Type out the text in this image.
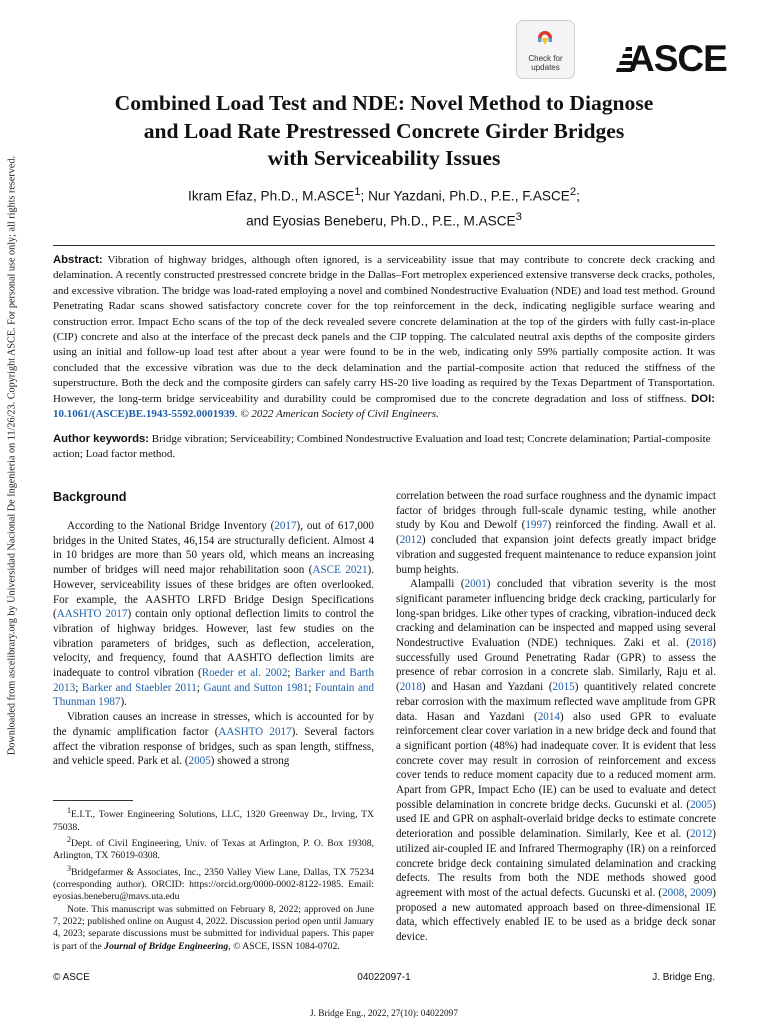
Downloaded from ascelibrary.org by Universidad Nacional De Ingenieria on 11/26/23. Copyright ASCE. For personal use only; all rights reserved.
Check for
updates	ASCE
Combined Load Test and NDE: Novel Method to Diagnose
and Load Rate Prestressed Concrete Girder Bridges
with Serviceability Issues
Ikram Efaz, Ph.D., M.ASCE$^1$; Nur Yazdani, Ph.D., P.E., F.ASCE$^2$;
and Eyosias Beneberu, Ph.D., P.E., M.ASCE$^3$

Abstract: Vibration of highway bridges, although often ignored, is a serviceability issue that may contribute to concrete deck cracking and delamination. A recently constructed prestressed concrete bridge in the Dallas–Fort metroplex experienced extensive transverse deck cracks, potholes, and excessive vibration. The bridge was load-rated employing a novel and combined Nondestructive Evaluation (NDE) and load test method. Ground Penetrating Radar scans showed satisfactory concrete cover for the top reinforcement in the deck, indicating negligible surface wearing and construction error. Impact Echo scans of the top of the deck revealed severe concrete delamination at the top of the girders with fully cast-in-place (CIP) concrete and also at the interface of the precast deck panels and the CIP topping. The calculated neutral axis depths of the composite girders using an initial and follow-up load test after about a year were found to be in the web, indicating only 59% partially composite action. It was concluded that the excessive vibration was due to the deck delamination and the partial-composite action that reduced the stiffness of the superstructure. Both the deck and the composite girders can safely carry HS-20 live loading as required by the Texas Department of Transportation. However, the long-term bridge serviceability and durability could be compromised due to the concrete degradation and loss of stiffness. DOI: 10.1061/(ASCE)BE.1943-5592.0001939. © 2022 American Society of Civil Engineers.

Author keywords: Bridge vibration; Serviceability; Combined Nondestructive Evaluation and load test; Concrete delamination; Partial-composite action; Load factor method.

Background

According to the National Bridge Inventory (2017), out of 617,000 bridges in the United States, 46,154 are structurally deficient. Almost 4 in 10 bridges are more than 50 years old, which means an increasing number of bridges will need major rehabilitation soon (ASCE 2021). However, serviceability issues of these bridges are often overlooked. For example, the AASHTO LRFD Bridge Design Specifications (AASHTO 2017) contain only optional deflection limits to control the vibration of highway bridges. However, last few studies on the vibration parameters of bridges, such as deflection, acceleration, velocity, and frequency, found that AASHTO deflection limits are inadequate to control vibration (Roeder et al. 2002; Barker and Barth 2013; Barker and Staebler 2011; Gaunt and Sutton 1981; Fountain and Thunman 1987).

Vibration causes an increase in stresses, which is accounted for by the dynamic amplification factor (AASHTO 2017). Several factors affect the vibration response of bridges, such as span length, stiffness, and vehicle speed. Park et al. (2005) showed a strong

$^1$E.I.T., Tower Engineering Solutions, LLC, 1320 Greenway Dr., Irving, TX 75038.

$^2$Dept. of Civil Engineering, Univ. of Texas at Arlington, P. O. Box 19308, Arlington, TX 76019-0308.

$^3$Bridgefarmer & Associates, Inc., 2350 Valley View Lane, Dallas, TX 75234 (corresponding author). ORCID: https://orcid.org/0000-0002-8122-1985. Email: eyosias.beneberu@mavs.uta.edu

Note. This manuscript was submitted on February 8, 2022; approved on June 7, 2022; published online on August 4, 2022. Discussion period open until January 4, 2023; separate discussions must be submitted for individual papers. This paper is part of the Journal of Bridge Engineering, © ASCE, ISSN 1084-0702.

correlation between the road surface roughness and the dynamic impact factor of bridges through full-scale dynamic testing, while another study by Kou and Dewolf (1997) reinforced the finding. Awall et al. (2012) concluded that expansion joint defects greatly impact bridge vibration and suggested frequent maintenance to reduce expansion joint bump heights.

Alampalli (2001) concluded that vibration severity is the most significant parameter influencing bridge deck cracking, particularly for long-span bridges. Like other types of cracking, vibration-induced deck cracking and delamination can be inspected and mapped using several Nondestructive Evaluation (NDE) techniques. Zaki et al. (2018) successfully used Ground Penetrating Radar (GPR) to assess the presence of rebar corrosion in a concrete slab. Similarly, Raju et al. (2018) and Hasan and Yazdani (2015) quantitively related concrete rebar corrosion with the maximum reflected wave amplitude from GPR data. Hasan and Yazdani (2014) also used GPR to evaluate reinforcement clear cover variation in a new bridge deck and found that a significant portion (48%) had inadequate cover. It is evident that less concrete cover may result in corrosion of reinforcement and excess cover tends to reduce moment capacity due to a reduced moment arm. Apart from GPR, Impact Echo (IE) can be used to evaluate and detect possible delamination in concrete bridge decks. Gucunski et al. (2005) used IE and GPR on asphalt-overlaid bridge decks to estimate concrete deterioration and possible delamination. Similarly, Kee et al. (2012) utilized air-coupled IE and Infrared Thermography (IR) on a reinforced concrete bridge deck containing simulated delamination and cracking defects. The results from both the NDE methods showed good agreement with most of the actual defects. Gucunski et al. (2008, 2009) proposed a new automated approach based on three-dimensional IE data, which effectively enabled IE to be used as a bridge deck sonar device.

© ASCE	04022097-1	J. Bridge Eng.
J. Bridge Eng., 2022, 27(10): 04022097
